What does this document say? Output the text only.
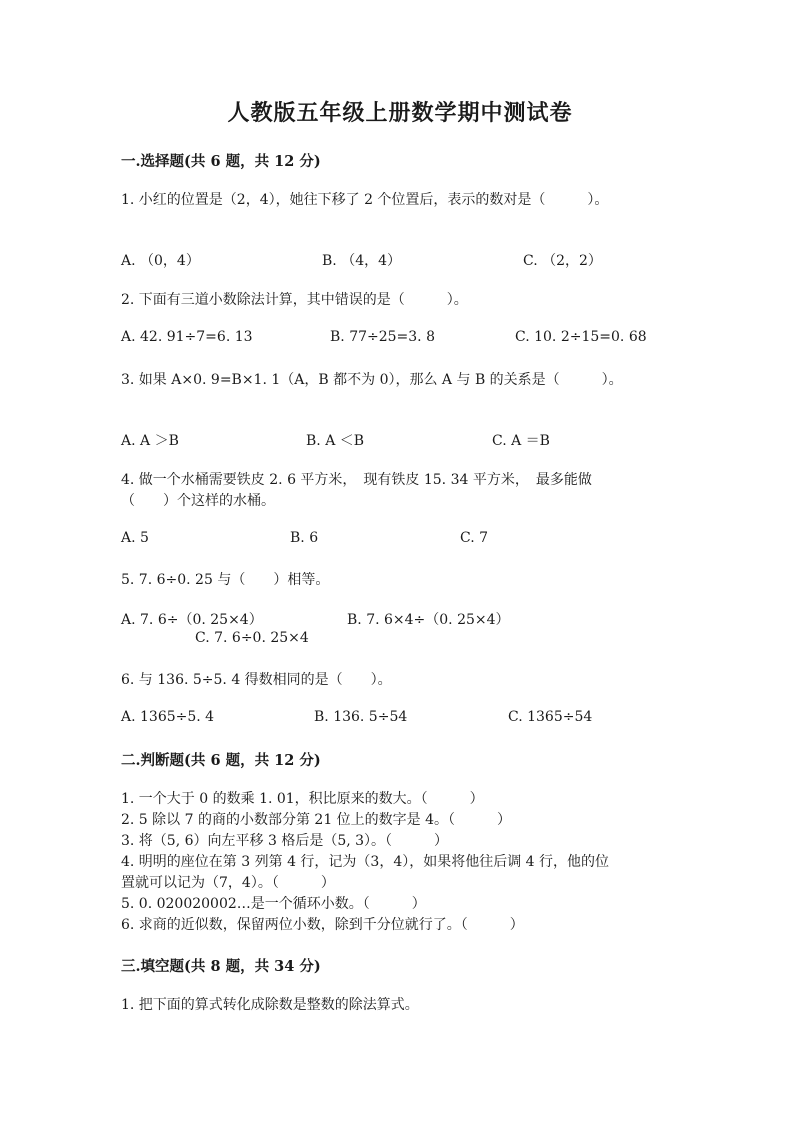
人教版五年级上册数学期中测试卷
一.选择题(共 6 题，共 12 分)
1. 小红的位置是（2，4），她往下移了 2 个位置后，表示的数对是（　　　）。
A. （0，4）	B. （4，4）	C. （2，2）
2. 下面有三道小数除法计算，其中错误的是（　　　）。
A. 42. 91÷7=6. 13	B. 77÷25=3. 8	C. 10. 2÷15=0. 68
3. 如果 A×0. 9=B×1. 1（A，B 都不为 0），那么 A 与 B 的关系是（　　　）。
A. A ＞B	B. A ＜B	C. A ＝B
4. 做一个水桶需要铁皮 2. 6 平方米，　现有铁皮 15. 34 平方米，　最多能做
（　　）个这样的水桶。
A. 5	B. 6	C. 7
5. 7. 6÷0. 25 与（　　）相等。
A. 7. 6÷（0. 25×4）	B. 7. 6×4÷（0. 25×4）
C. 7. 6÷0. 25×4
6. 与 136. 5÷5. 4 得数相同的是（　　）。
A. 1365÷5. 4	B. 136. 5÷54	C. 1365÷54
二.判断题(共 6 题，共 12 分)
1. 一个大于 0 的数乘 1. 01，积比原来的数大。（　　　）
2. 5 除以 7 的商的小数部分第 21 位上的数字是 4。（　　　）
3. 将（5, 6）向左平移 3 格后是（5, 3）。（　　　）
4. 明明的座位在第 3 列第 4 行，记为（3，4），如果将他往后调 4 行，他的位
置就可以记为（7，4）。（　　　）
5. 0. 020020002…是一个循环小数。（　　　）
6. 求商的近似数，保留两位小数，除到千分位就行了。（　　　）
三.填空题(共 8 题，共 34 分)
1. 把下面的算式转化成除数是整数的除法算式。
